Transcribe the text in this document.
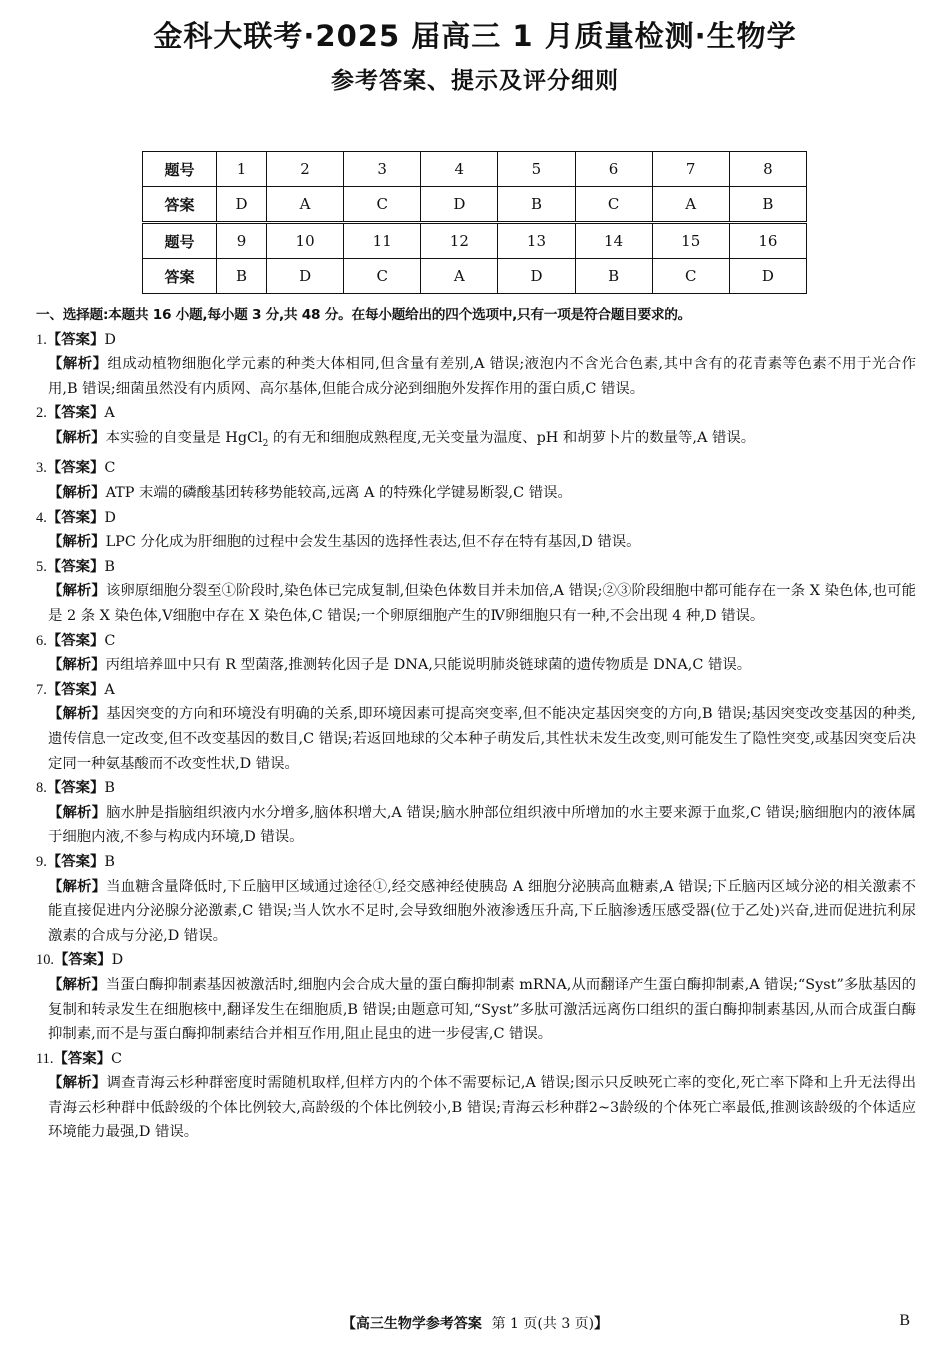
金科大联考·2025 届高三 1 月质量检测·生物学
参考答案、提示及评分细则
题号	1	2	3	4	5	6	7	8
答案	D	A	C	D	B	C	A	B
题号	9	10	11	12	13	14	15	16
答案	B	D	C	A	D	B	C	D
一、选择题:本题共 16 小题,每小题 3 分,共 48 分。在每小题给出的四个选项中,只有一项是符合题目要求的。
1.【答案】D
【解析】组成动植物细胞化学元素的种类大体相同,但含量有差别,A 错误;液泡内不含光合色素,其中含有的花青素等色素不用于光合作用,B 错误;细菌虽然没有内质网、高尔基体,但能合成分泌到细胞外发挥作用的蛋白质,C 错误。
2.【答案】A
【解析】本实验的自变量是 HgCl$_2$ 的有无和细胞成熟程度,无关变量为温度、pH 和胡萝卜片的数量等,A 错误。
3.【答案】C
【解析】ATP 末端的磷酸基团转移势能较高,远离 A 的特殊化学键易断裂,C 错误。
4.【答案】D
【解析】LPC 分化成为肝细胞的过程中会发生基因的选择性表达,但不存在特有基因,D 错误。
5.【答案】B
【解析】该卵原细胞分裂至①阶段时,染色体已完成复制,但染色体数目并未加倍,A 错误;②③阶段细胞中都可能存在一条 X 染色体,也可能是 2 条 X 染色体,Ⅴ细胞中存在 X 染色体,C 错误;一个卵原细胞产生的Ⅳ卵细胞只有一种,不会出现 4 种,D 错误。
6.【答案】C
【解析】丙组培养皿中只有 R 型菌落,推测转化因子是 DNA,只能说明肺炎链球菌的遗传物质是 DNA,C 错误。
7.【答案】A
【解析】基因突变的方向和环境没有明确的关系,即环境因素可提高突变率,但不能决定基因突变的方向,B 错误;基因突变改变基因的种类,遗传信息一定改变,但不改变基因的数目,C 错误;若返回地球的父本种子萌发后,其性状未发生改变,则可能发生了隐性突变,或基因突变后决定同一种氨基酸而不改变性状,D 错误。
8.【答案】B
【解析】脑水肿是指脑组织液内水分增多,脑体积增大,A 错误;脑水肿部位组织液中所增加的水主要来源于血浆,C 错误;脑细胞内的液体属于细胞内液,不参与构成内环境,D 错误。
9.【答案】B
【解析】当血糖含量降低时,下丘脑甲区域通过途径①,经交感神经使胰岛 A 细胞分泌胰高血糖素,A 错误;下丘脑丙区域分泌的相关激素不能直接促进内分泌腺分泌激素,C 错误;当人饮水不足时,会导致细胞外液渗透压升高,下丘脑渗透压感受器(位于乙处)兴奋,进而促进抗利尿激素的合成与分泌,D 错误。
10.【答案】D
【解析】当蛋白酶抑制素基因被激活时,细胞内会合成大量的蛋白酶抑制素 mRNA,从而翻译产生蛋白酶抑制素,A 错误;“Syst”多肽基因的复制和转录发生在细胞核中,翻译发生在细胞质,B 错误;由题意可知,“Syst”多肽可激活远离伤口组织的蛋白酶抑制素基因,从而合成蛋白酶抑制素,而不是与蛋白酶抑制素结合并相互作用,阻止昆虫的进一步侵害,C 错误。
11.【答案】C
【解析】调查青海云杉种群密度时需随机取样,但样方内的个体不需要标记,A 错误;图示只反映死亡率的变化,死亡率下降和上升无法得出青海云杉种群中低龄级的个体比例较大,高龄级的个体比例较小,B 错误;青海云杉种群2~3龄级的个体死亡率最低,推测该龄级的个体适应环境能力最强,D 错误。
【高三生物学参考答案 第 1 页(共 3 页)】	B
